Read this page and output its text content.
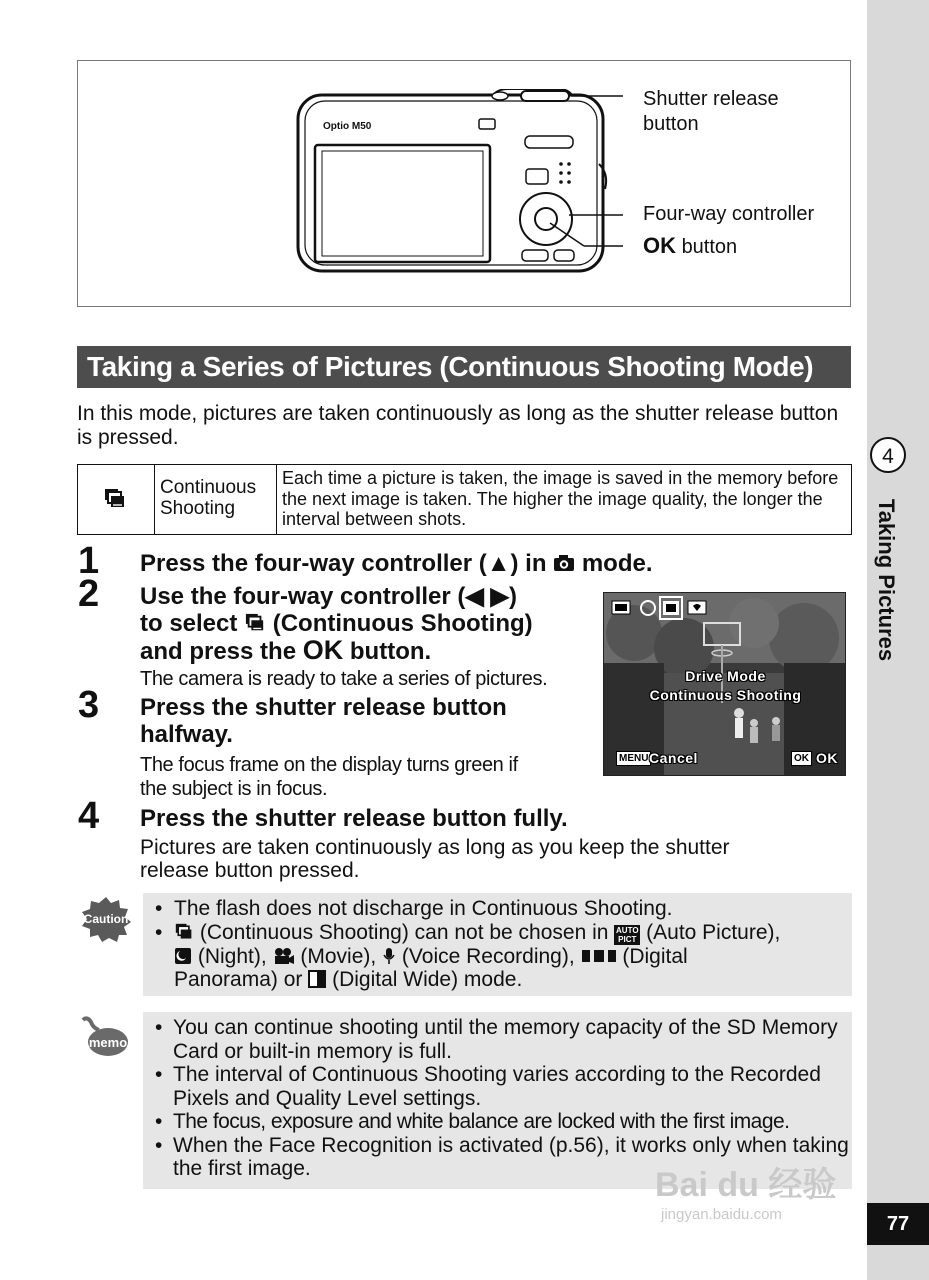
Optio M50
Shutter release button
Four-way controller
OK button
Taking a Series of Pictures (Continuous Shooting Mode)
In this mode, pictures are taken continuously as long as the shutter release button is pressed.
Continuous Shooting
Each time a picture is taken, the image is saved in the memory before the next image is taken. The higher the image quality, the longer the interval between shots.
1 Press the four-way controller (▲) in mode.
2 Use the four-way controller (◀ ▶)
to select (Continuous Shooting)
and press the OK button.
The camera is ready to take a series of pictures.	Drive Mode
Continuous Shooting
MENU Cancel	OK OK
3 Press the shutter release button
halfway.
The focus frame on the display turns green if
the subject is in focus.
4 Press the shutter release button fully.
Pictures are taken continuously as long as you keep the shutter
release button pressed.
Caution • The flash does not discharge in Continuous Shooting.
• (Continuous Shooting) can not be chosen in AUTO
PICT (Auto Picture),
(Night), (Movie), (Voice Recording), (Digital
Panorama) or (Digital Wide) mode.
memo
• You can continue shooting until the memory capacity of the SD Memory Card or built-in memory is full.
• The interval of Continuous Shooting varies according to the Recorded Pixels and Quality Level settings.
• The focus, exposure and white balance are locked with the first image.
• When the Face Recognition is activated (p.56), it works only when taking the first image.
4
Taking Pictures
Bai du 经验
jingyan.baidu.com	77
